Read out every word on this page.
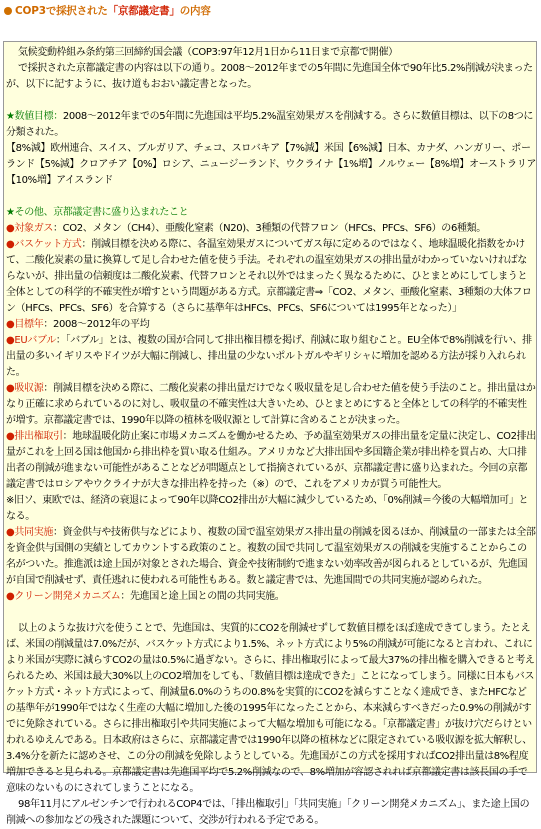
COP3で採択された「京都議定書」の内容

気候変動枠組み条約第三回締約国会議（COP3:97年12月1日から11日まで京都で開催）

で採択された京都議定書の内容は以下の通り。2008～2012年までの5年間に先進国全体で90年比5.2%削減が決まったが、以下に記すように、抜け道もおおい議定書となった。

★数値目標：2008～2012年までの5年間に先進国は平均5.2%温室効果ガスを削減する。さらに数値目標は、以下の8つに分類された。

【8%減】欧州連合、スイス、ブルガリア、チェコ、スロバキア【7%減】米国【6%減】日本、カナダ、ハンガリー、ポーランド【5%減】クロアチア【0%】ロシア、ニュージーランド、ウクライナ【1%増】ノルウェー【8%増】オーストラリア【10%増】アイスランド

★その他、京都議定書に盛り込まれたこと

●対象ガス：CO2、メタン（CH4）、亜酸化窒素（N20)、3種類の代替フロン（HFCs、PFCs、SF6）の6種類。

●バスケット方式：削減目標を決める際に、各温室効果ガスについてガス毎に定めるのではなく、地球温暖化指数をかけて、二酸化炭素の量に換算して足し合わせた値を使う手法。それぞれの温室効果ガスの排出量がわかっていないければならないが、排出量の信頼度は二酸化炭素、代替フロンとそれ以外ではまったく異なるために、ひとまとめにしてしまうと全体としての科学的不確実性が増すという問題がある方式。京都議定書⇒「CO2、メタン、亜酸化窒素、3種類の大体フロン（HFCs、PFCs、SF6）を合算する（さらに基準年はHFCs、PFCs、SF6については1995年となった）」

●目標年：2008～2012年の平均

●EUバブル：「バブル」とは、複数の国が合同して排出権目標を掲げ、削減に取り組むこと。EU全体で8%削減を行い、排出量の多いイギリスやドイツが大幅に削減し、排出量の少ないポルトガルやギリシャに増加を認める方法が採り入れられた。

●吸収源：削減目標を決める際に、二酸化炭素の排出量だけでなく吸収量を足し合わせた値を使う手法のこと。排出量はかなり正確に求められているのに対し、吸収量の不確実性は大きいため、ひとまとめにすると全体としての科学的不確実性が増す。京都議定書では、1990年以降の植林を吸収源として計算に含めることが決まった。

●排出権取引：地球温暖化防止案に市場メカニズムを働かせるため、予め温室効果ガスの排出量を定量に決定し、CO2排出量がこれを上回る国は他国から排出枠を買い取る仕組み。アメリカなど大排出国や多国籍企業が排出枠を買占め、大口排出者の削減が進まない可能性があることなどが問題点として指摘されているが、京都議定書に盛り込まれた。今回の京都議定書ではロシアやウクライナが大きな排出枠を持った（※）ので、これをアメリカが買う可能性大。

※旧ソ、東欧では、経済の衰退によって90年以降CO2排出が大幅に減少しているため、「0%削減＝今後の大幅増加可」となる。

●共同実施：資金供与や技術供与などにより、複数の国で温室効果ガス排出量の削減を図るほか、削減量の一部または全部を資金供与国側の実績としてカウントする政策のこと。複数の国で共同して温室効果ガスの削減を実施することからこの名がついた。推進派は途上国が対象とされた場合、資金や技術制約で進まない効率改善が図られるとしているが、先進国が自国で削減せず、責任逃れに使われる可能性もある。数と議定書では、先進国間での共同実施が認められた。

●クリーン開発メカニズム：先進国と途上国との間の共同実施。

以上のような抜け穴を使うことで、先進国は、実質的にCO2を削減せずして数値目標をほぼ達成できてしまう。たとえば、米国の削減量は7.0%だが、バスケット方式により1.5%、ネット方式により5%の削減が可能になると言われ、これにより米国が実際に減らすCO2の量は0.5%に過ぎない。さらに、排出権取引によって最大37%の排出権を購入できると考えられるため、米国は最大30%以上のCO2増加をしても、「数値目標は達成できた」ことになってしまう。同様に日本もバスケット方式・ネット方式によって、削減量6.0%のうちの0.8%を実質的にCO2を減らすことなく達成でき、またHFCなどの基準年が1990年ではなく生産の大幅に増加した後の1995年になったことから、本来減らすべきだった0.9%の削減がすでに免除されている。さらに排出権取引や共同実施によって大幅な増加も可能になる。「京都議定書」が抜け穴だらけといわれるゆえんである。日本政府はさらに、京都議定書では1990年以降の植林などに限定されている吸収源を拡大解釈し、3.4%分を新たに認めさせ、この分の削減を免除しようとしている。先進国がこの方式を採用すればCO2排出量は8%程度増加できると見られる。京都議定書は先進国平均で5.2%削減なので、8%増加が容認されれば京都議定書は該長国の手で意味のないものにされてしまうことになる。

98年11月にアルゼンチンで行われるCOP4では、「排出権取引」「共同実施」「クリーン開発メカニズム」、また途上国の削減への参加などの残された課題について、交渉が行われる予定である。
